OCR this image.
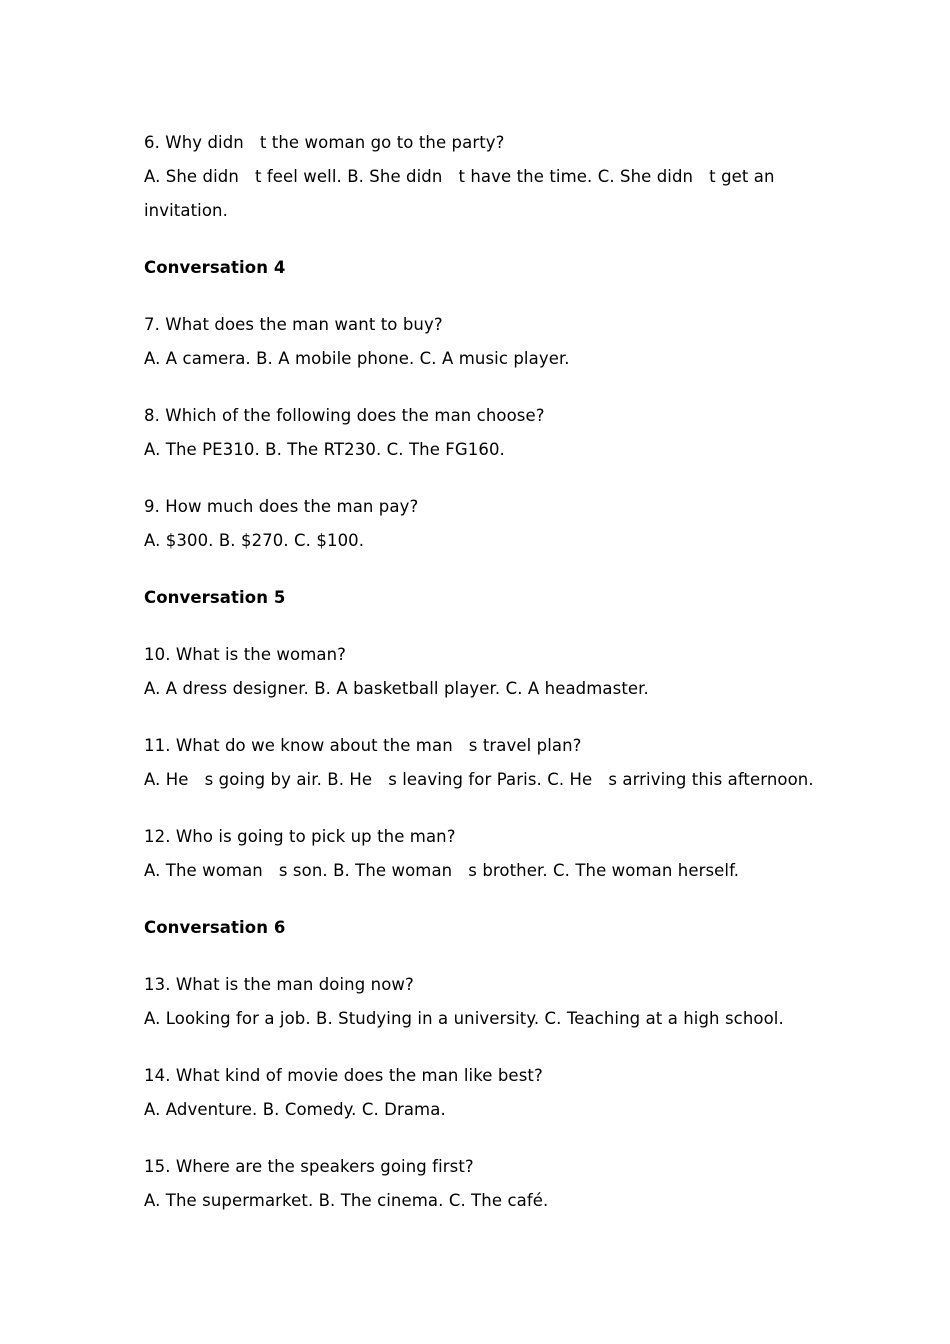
6. Why didn   t the woman go to the party?
A. She didn   t feel well. B. She didn   t have the time. C. She didn   t get an
invitation.
Conversation 4
7. What does the man want to buy?
A. A camera. B. A mobile phone. C. A music player.
8. Which of the following does the man choose?
A. The PE310. B. The RT230. C. The FG160.
9. How much does the man pay?
A. $300. B. $270. C. $100.
Conversation 5
10. What is the woman?
A. A dress designer. B. A basketball player. C. A headmaster.
11. What do we know about the man   s travel plan?
A. He   s going by air. B. He   s leaving for Paris. C. He   s arriving this afternoon.
12. Who is going to pick up the man?
A. The woman   s son. B. The woman   s brother. C. The woman herself.
Conversation 6
13. What is the man doing now?
A. Looking for a job. B. Studying in a university. C. Teaching at a high school.
14. What kind of movie does the man like best?
A. Adventure. B. Comedy. C. Drama.
15. Where are the speakers going first?
A. The supermarket. B. The cinema. C. The café.
